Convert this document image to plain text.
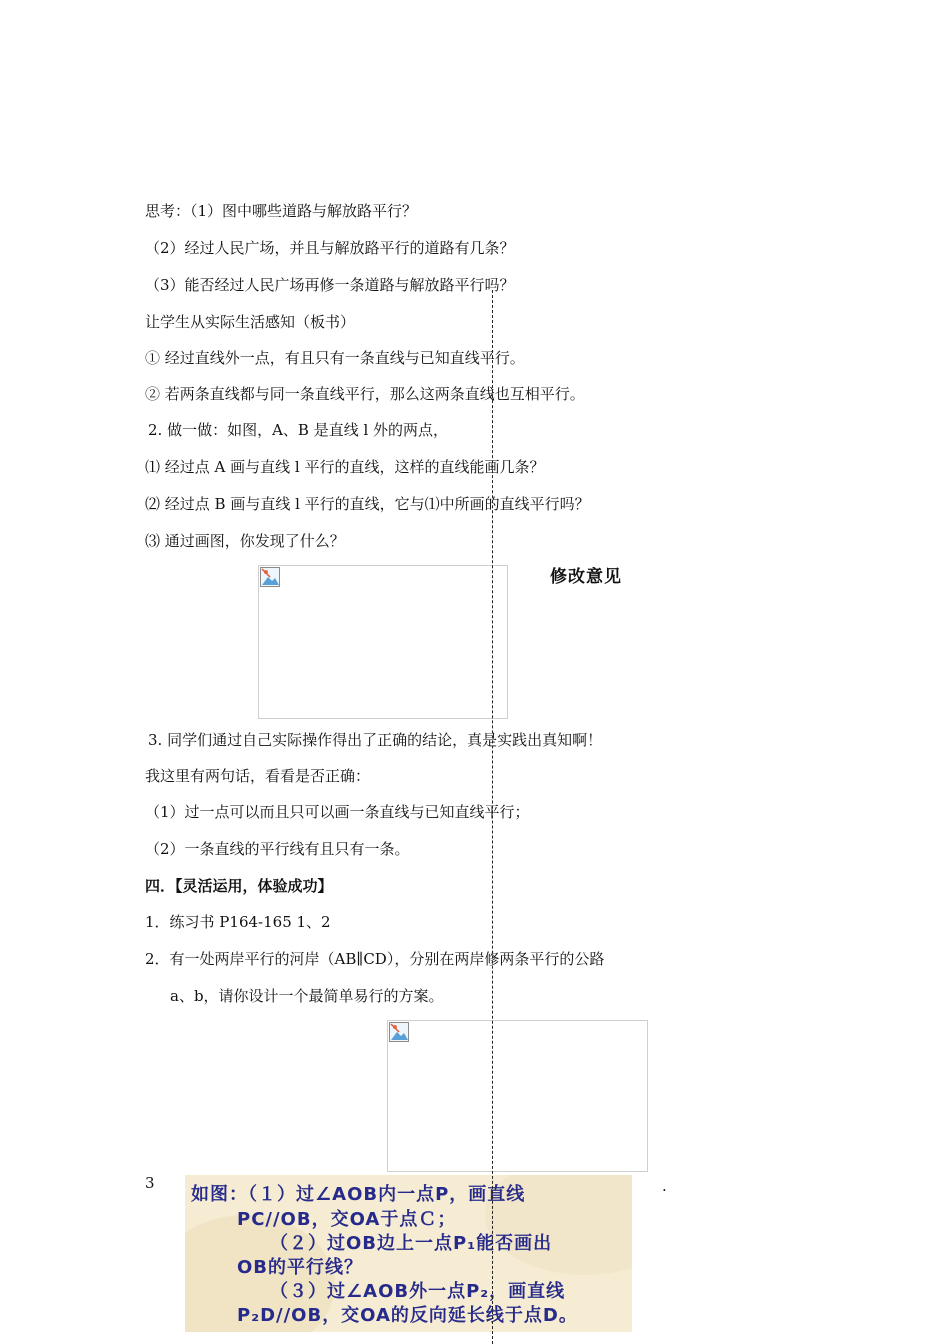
思考：（1）图中哪些道路与解放路平行？
（2）经过人民广场，并且与解放路平行的道路有几条？
（3）能否经过人民广场再修一条道路与解放路平行吗？
让学生从实际生活感知（板书）
① 经过直线外一点，有且只有一条直线与已知直线平行。
② 若两条直线都与同一条直线平行，那么这两条直线也互相平行。
2. 做一做：如图，A、B 是直线 l 外的两点，
⑴ 经过点 A 画与直线 l 平行的直线，这样的直线能画几条？
⑵ 经过点 B 画与直线 l 平行的直线，它与⑴中所画的直线平行吗？
⑶ 通过画图，你发现了什么？
修改意见
3. 同学们通过自己实际操作得出了正确的结论，真是实践出真知啊！
我这里有两句话，看看是否正确：
（1）过一点可以而且只可以画一条直线与已知直线平行；
（2）一条直线的平行线有且只有一条。
四．【灵活运用，体验成功】
1．练习书 P164-165 1、2
2．有一处两岸平行的河岸（AB∥CD），分别在两岸修两条平行的公路
a、b，请你设计一个最简单易行的方案。
3	.
如图：（１）过∠AOB内一点P，画直线
PC//OB，交OA于点Ｃ；
（２）过OB边上一点P₁能否画出
OB的平行线？
（３）过∠AOB外一点P₂，画直线
P₂D//OB，交OA的反向延长线于点D。
